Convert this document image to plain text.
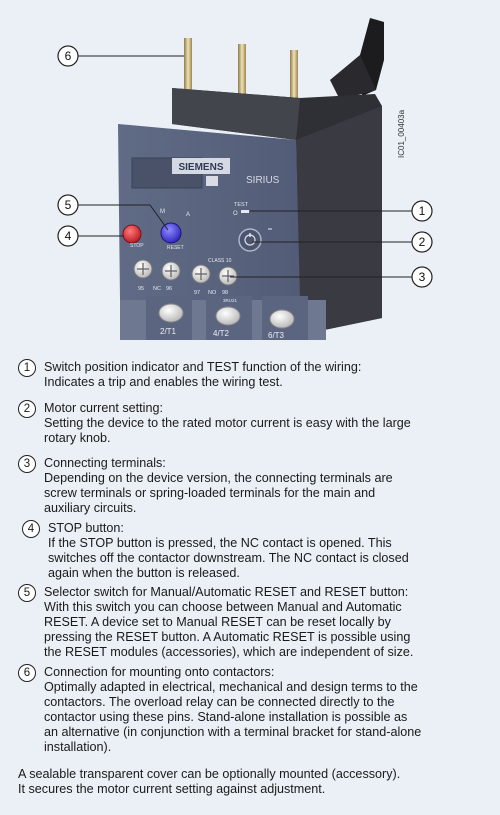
IC01_00403a
SIEMENS
SIRIUS
TEST
O
M	A
STOP	RESET
CLASS 10
95 NC 96
97 NO 98
3RU21
2/T1	4/T2	6/T3
6
5
4
1
2
3
1	Switch position indicator and TEST function of the wiring:
Indicates a trip and enables the wiring test.
2	Motor current setting:
Setting the device to the rated motor current is easy with the large
rotary knob.
3	Connecting terminals:
Depending on the device version, the connecting terminals are
screw terminals or spring-loaded terminals for the main and
auxiliary circuits.
4	STOP button:
If the STOP button is pressed, the NC contact is opened. This
switches off the contactor downstream. The NC contact is closed
again when the button is released.
5	Selector switch for Manual/Automatic RESET and RESET button:
With this switch you can choose between Manual and Automatic
RESET. A device set to Manual RESET can be reset locally by
pressing the RESET button. A Automatic RESET is possible using
the RESET modules (accessories), which are independent of size.
6	Connection for mounting onto contactors:
Optimally adapted in electrical, mechanical and design terms to the
contactors. The overload relay can be connected directly to the
contactor using these pins. Stand-alone installation is possible as
an alternative (in conjunction with a terminal bracket for stand-alone
installation).
A sealable transparent cover can be optionally mounted (accessory).
It secures the motor current setting against adjustment.
